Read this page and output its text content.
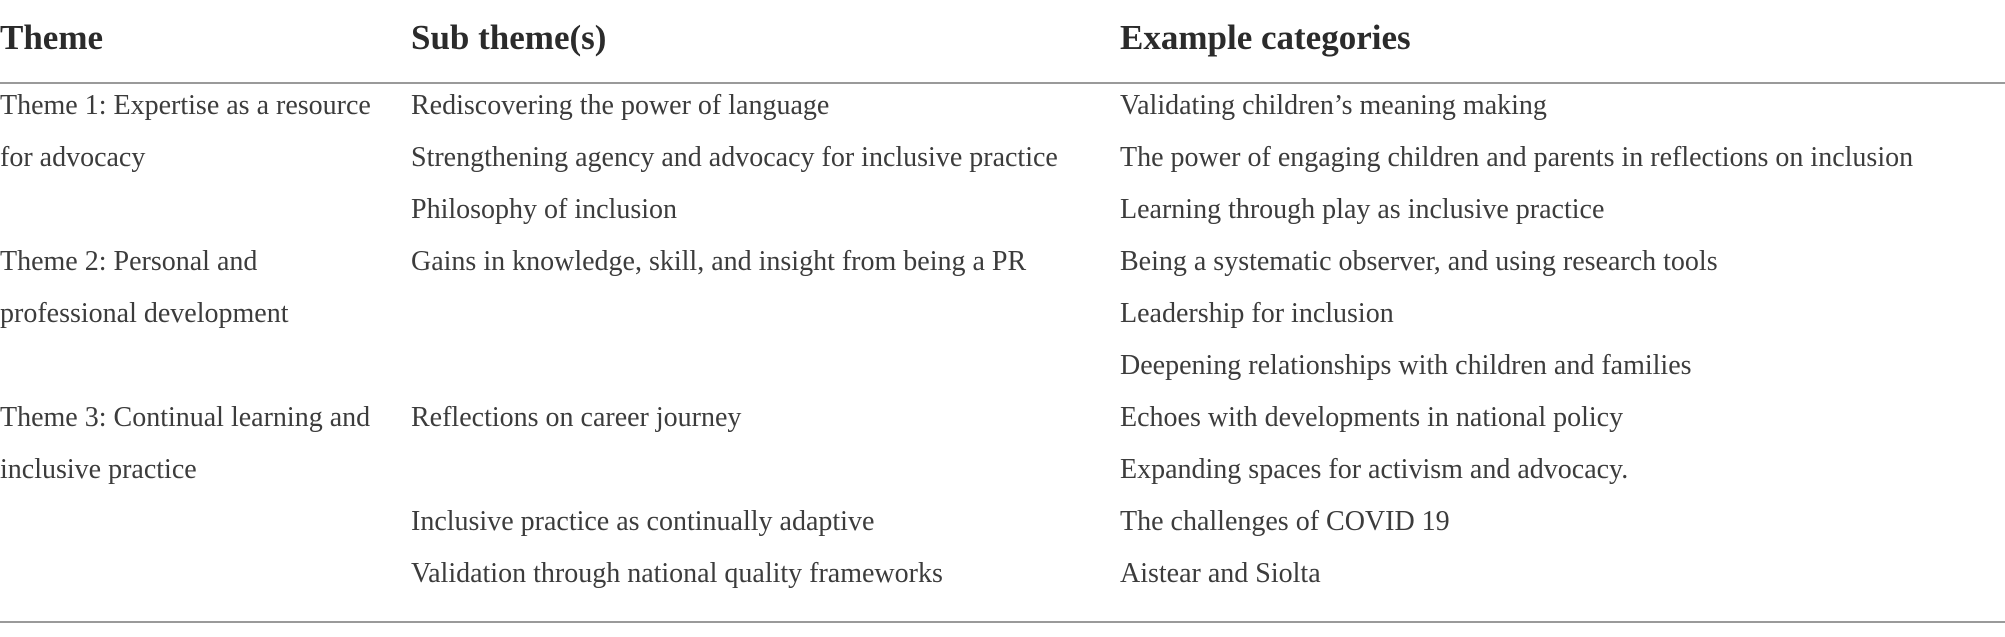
Theme	Sub theme(s)	Example categories
Theme 1: Expertise as a resource
for advocacy
Theme 2: Personal and
professional development
Theme 3: Continual learning and
inclusive practice
Rediscovering the power of language
Strengthening agency and advocacy for inclusive practice
Philosophy of inclusion
Gains in knowledge, skill, and insight from being a PR
Reflections on career journey
Inclusive practice as continually adaptive
Validation through national quality frameworks
Validating children’s meaning making
The power of engaging children and parents in reflections on inclusion
Learning through play as inclusive practice
Being a systematic observer, and using research tools
Leadership for inclusion
Deepening relationships with children and families
Echoes with developments in national policy
Expanding spaces for activism and advocacy.
The challenges of COVID 19
Aistear and Siolta
